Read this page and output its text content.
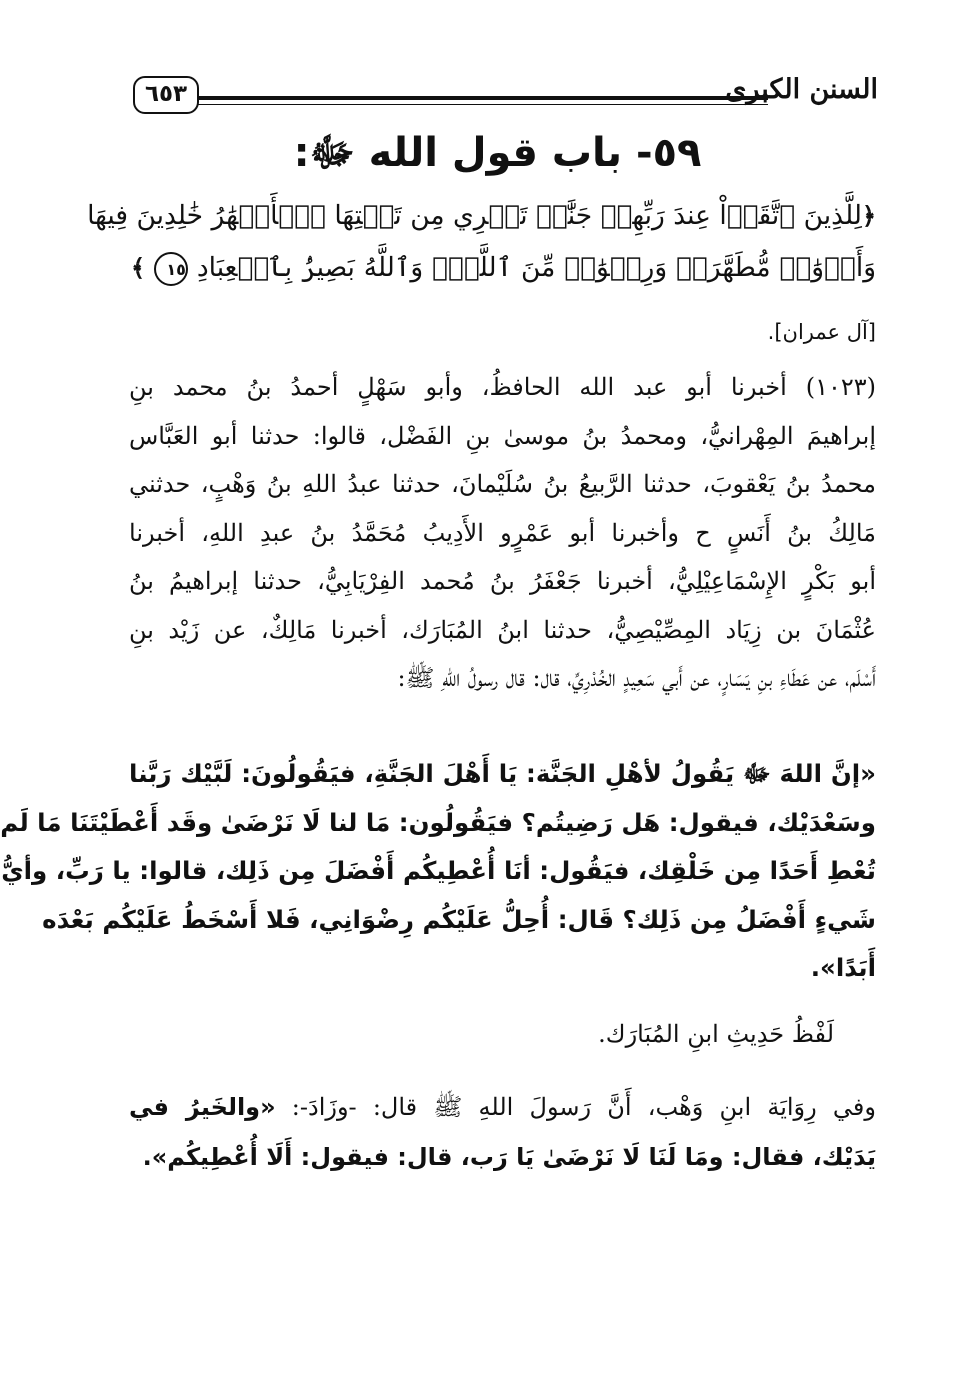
السنن الكبرى
٦٥٣
٥٩- باب قول الله ﷻ:
﴿لِلَّذِينَ ٱتَّقَوۡاْ عِندَ رَبِّهِمۡ جَنَّٰتٞ تَجۡرِي مِن تَحۡتِهَا ٱلۡأَنۡهَٰرُ خَٰلِدِينَ فِيهَا
وَأَزۡوَٰجٞ مُّطَهَّرَةٞ وَرِضۡوَٰنٞ مِّنَ ٱللَّهِۗ وَٱللَّهُ بَصِيرُۢ بِٱلۡعِبَادِ ١٥ ﴾
[آل عمران].
(١٠٢٣) أخبرنا أبو عبد الله الحافظُ، وأبو سَهْلٍ أحمدُ بنُ محمد بنِ
إبراهيمَ المِهْرانيُّ، ومحمدُ بنُ موسىٰ بنِ الفَضْل، قالوا: حدثنا أبو العَبَّاس
محمدُ بنُ يَعْقوبَ، حدثنا الرَّبيعُ بنُ سُلَيْمانَ، حدثنا عبدُ اللهِ بنُ وَهْبٍ، حدثني
مَالِكُ بنُ أَنَسٍ ح وأخبرنا أبو عَمْرٍو الأَدِيبُ مُحَمَّدُ بنُ عبدِ اللهِ، أخبرنا
أبو بَكْرٍ الإِسْمَاعِيْلِيُّ، أخبرنا جَعْفَرُ بنُ مُحمد الفِرْيَابِيُّ، حدثنا إبراهيمُ بنُ
عُثْمَانَ بن زِيَاد المِصِّيْصِيُّ، حدثنا ابنُ المُبَارَك، أخبرنا مَالِكٌ، عن زَيْد بنِ
أَسْلَم، عن عَطَاءِ بنِ يَسَارٍ، عن أَبي سَعِيدٍ الخُدْرِيِّ، قال: قال رسولُ اللهِ ﷺ:
«إنَّ اللهَ ﷻ يَقُولُ لأهْلِ الجَنَّة: يَا أَهْلَ الجَنَّةِ، فيَقُولُونَ: لَبَّيْك رَبَّنا
وسَعْدَيْك، فيقول: هَل رَضِيتُم؟ فيَقُولُون: مَا لنا لَا نَرْضَىٰ وقَد أَعْطَيْتَنَا مَا لَم
تُعْطِ أَحَدًا مِن خَلْقِك، فيَقُول: أنَا أُعْطِيكُم أَفْضَلَ مِن ذَلِك، قالوا: يا رَبِّ، وأيُّ
شَيءٍ أَفْضَلُ مِن ذَلِك؟ قَال: أُحِلُّ عَلَيْكُم رِضْوَانِي، فَلا أَسْخَطُ عَلَيْكُم بَعْدَه
أَبَدًا».
لَفْظُ حَدِيثِ ابنِ المُبَارَك.
وفي رِوَايَة ابنِ وَهْب، أَنَّ رَسولَ اللهِ ﷺ قال: -وزَادَ-: «والخَيرُ في
يَدَيْك، فقال: ومَا لَنَا لَا نَرْضَىٰ يَا رَب، قال: فيقول: أَلَا أُعْطِيكُم».
